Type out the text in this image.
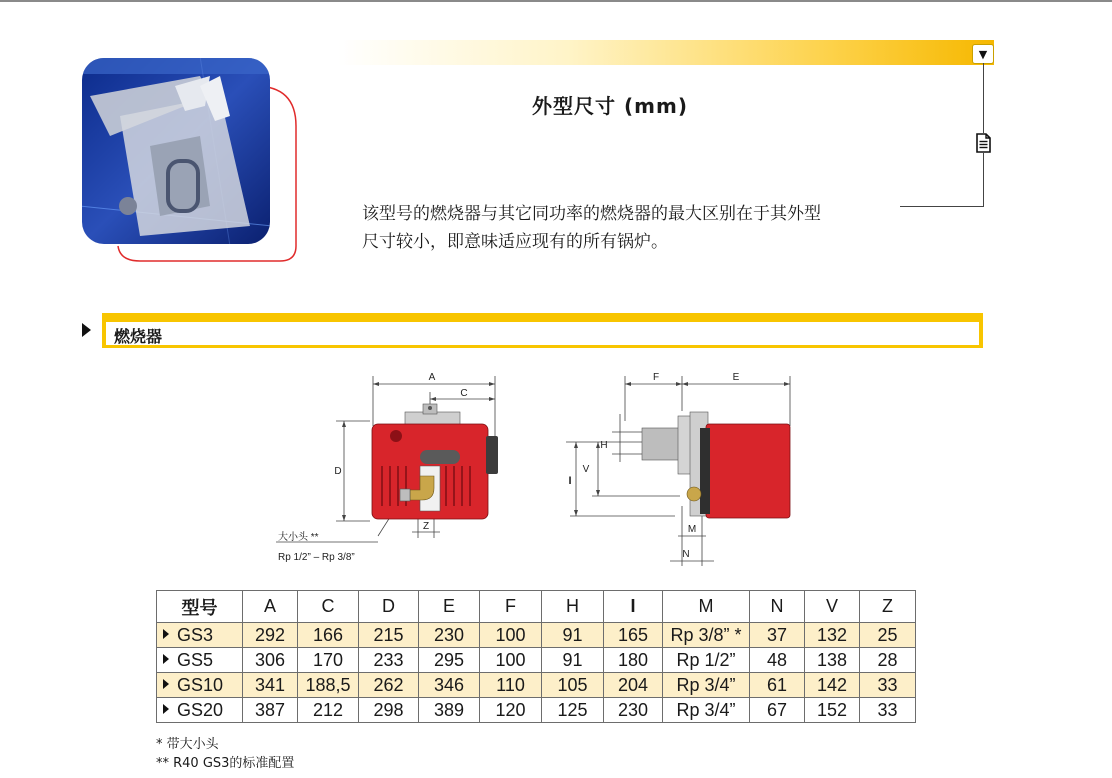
▼
外型尺寸 (mm)
该型号的燃烧器与其它同功率的燃烧器的最大区别在于其外型
尺寸较小，即意味适应现有的所有锅炉。
燃烧器
A
C
D
E
F
H
I
V
M
N
Z
大小头 **
Rp 1/2” – Rp 3/8”
型号	A	C	D	E	F	H	I	M	N	V	Z
GS3	292	166	215	230	100	91	165	Rp 3/8” *	37	132	25
GS5	306	170	233	295	100	91	180	Rp 1/2”	48	138	28
GS10	341	188,5	262	346	110	105	204	Rp 3/4”	61	142	33
GS20	387	212	298	389	120	125	230	Rp 3/4”	67	152	33
* 带大小头
** R40 GS3的标准配置
